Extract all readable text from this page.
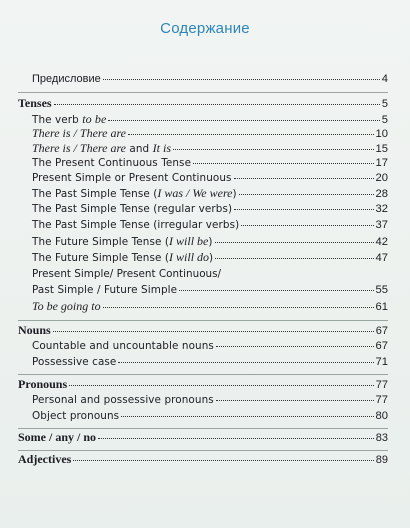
Содержание
Предисловие	4
Tenses	5
The verb to be	5
There is / There are	10
There is / There are and It is	15
The Present Continuous Tense	17
Present Simple or Present Continuous	20
The Past Simple Tense (I was / We were)	28
The Past Simple Tense (regular verbs)	32
The Past Simple Tense (irregular verbs)	37
The Future Simple Tense (I will be)	42
The Future Simple Tense (I will do)	47
Present Simple/ Present Continuous/
Past Simple / Future Simple	55
To be going to	61
Nouns	67
Countable and uncountable nouns	67
Possessive case	71
Pronouns	77
Personal and possessive pronouns	77
Object pronouns	80
Some / any / no	83
Adjectives	89
